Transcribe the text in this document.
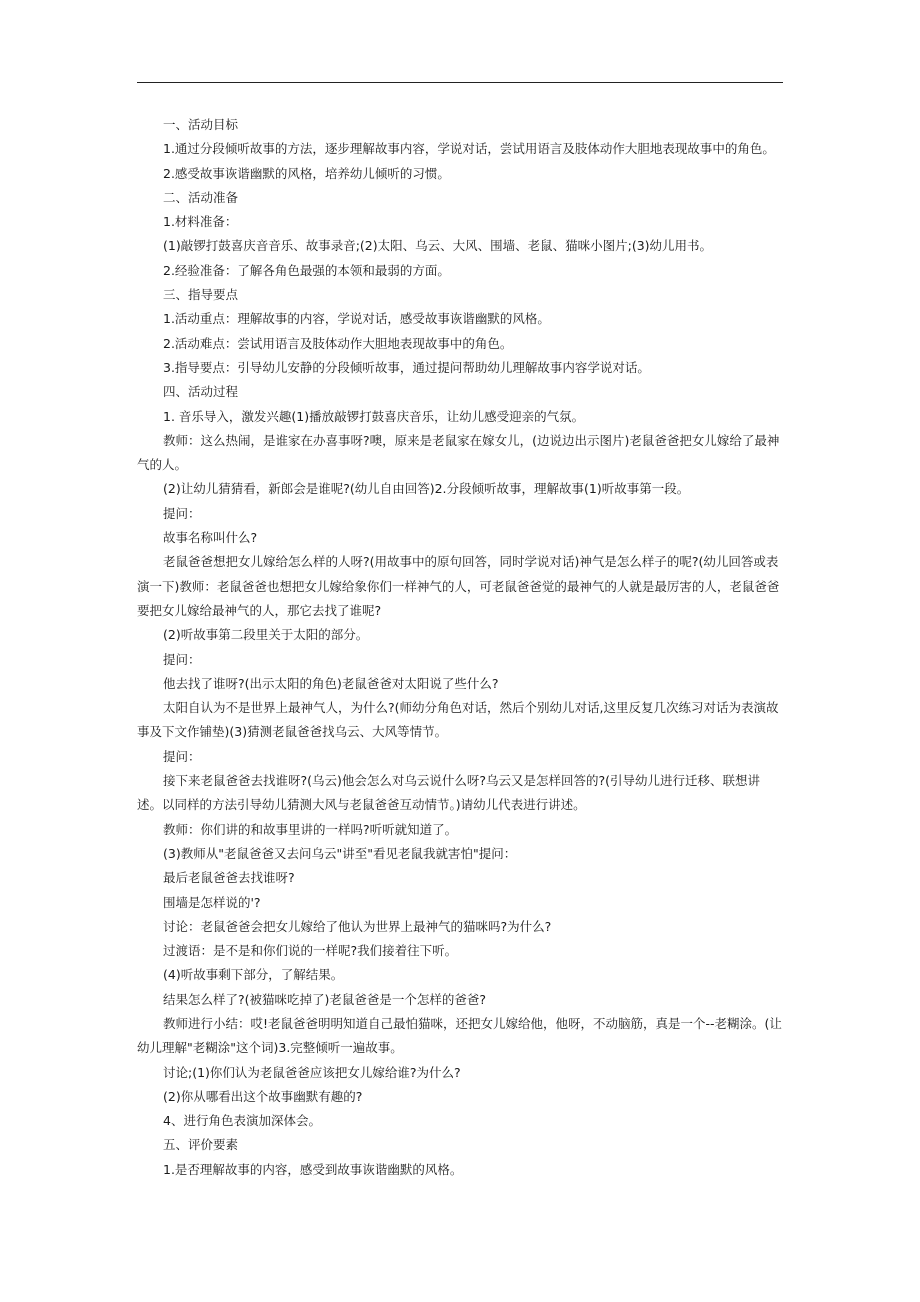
一、活动目标

1.通过分段倾听故事的方法，逐步理解故事内容，学说对话，尝试用语言及肢体动作大胆地表现故事中的角色。

2.感受故事诙谐幽默的风格，培养幼儿倾听的习惯。

二、活动准备

1.材料准备：

(1)敲锣打鼓喜庆音音乐、故事录音;(2)太阳、乌云、大风、围墙、老鼠、猫咪小图片;(3)幼儿用书。

2.经验准备：了解各角色最强的本领和最弱的方面。

三、指导要点

1.活动重点：理解故事的内容，学说对话，感受故事诙谐幽默的风格。

2.活动难点：尝试用语言及肢体动作大胆地表现故事中的角色。

3.指导要点：引导幼儿安静的分段倾听故事，通过提问帮助幼儿理解故事内容学说对话。

四、活动过程

1. 音乐导入，激发兴趣(1)播放敲锣打鼓喜庆音乐，让幼儿感受迎亲的气氛。

教师：这么热闹，是谁家在办喜事呀?噢，原来是老鼠家在嫁女儿，(边说边出示图片)老鼠爸爸把女儿嫁给了最神气的人。

(2)让幼儿猜猜看，新郎会是谁呢?(幼儿自由回答)2.分段倾听故事，理解故事(1)听故事第一段。

提问：

故事名称叫什么?

老鼠爸爸想把女儿嫁给怎么样的人呀?(用故事中的原句回答，同时学说对话)神气是怎么样子的呢?(幼儿回答或表演一下)教师：老鼠爸爸也想把女儿嫁给象你们一样神气的人，可老鼠爸爸觉的最神气的人就是最厉害的人，老鼠爸爸要把女儿嫁给最神气的人，那它去找了谁呢?

(2)听故事第二段里关于太阳的部分。

提问：

他去找了谁呀?(出示太阳的角色)老鼠爸爸对太阳说了些什么?

太阳自认为不是世界上最神气人，为什么?(师幼分角色对话，然后个别幼儿对话,这里反复几次练习对话为表演故事及下文作铺垫)(3)猜测老鼠爸爸找乌云、大风等情节。

提问：

接下来老鼠爸爸去找谁呀?(乌云)他会怎么对乌云说什么呀?乌云又是怎样回答的?(引导幼儿进行迁移、联想讲述。以同样的方法引导幼儿猜测大风与老鼠爸爸互动情节。)请幼儿代表进行讲述。

教师：你们讲的和故事里讲的一样吗?听听就知道了。

(3)教师从"老鼠爸爸又去问乌云"讲至"看见老鼠我就害怕"提问：

最后老鼠爸爸去找谁呀?

围墙是怎样说的'?

讨论：老鼠爸爸会把女儿嫁给了他认为世界上最神气的猫咪吗?为什么?

过渡语：是不是和你们说的一样呢?我们接着往下听。

(4)听故事剩下部分，了解结果。

结果怎么样了?(被猫咪吃掉了)老鼠爸爸是一个怎样的爸爸?

教师进行小结：哎!老鼠爸爸明明知道自己最怕猫咪，还把女儿嫁给他，他呀，不动脑筋，真是一个--老糊涂。(让幼儿理解"老糊涂"这个词)3.完整倾听一遍故事。

讨论;(1)你们认为老鼠爸爸应该把女儿嫁给谁?为什么?

(2)你从哪看出这个故事幽默有趣的?

4、进行角色表演加深体会。

五、评价要素

1.是否理解故事的内容，感受到故事诙谐幽默的风格。
